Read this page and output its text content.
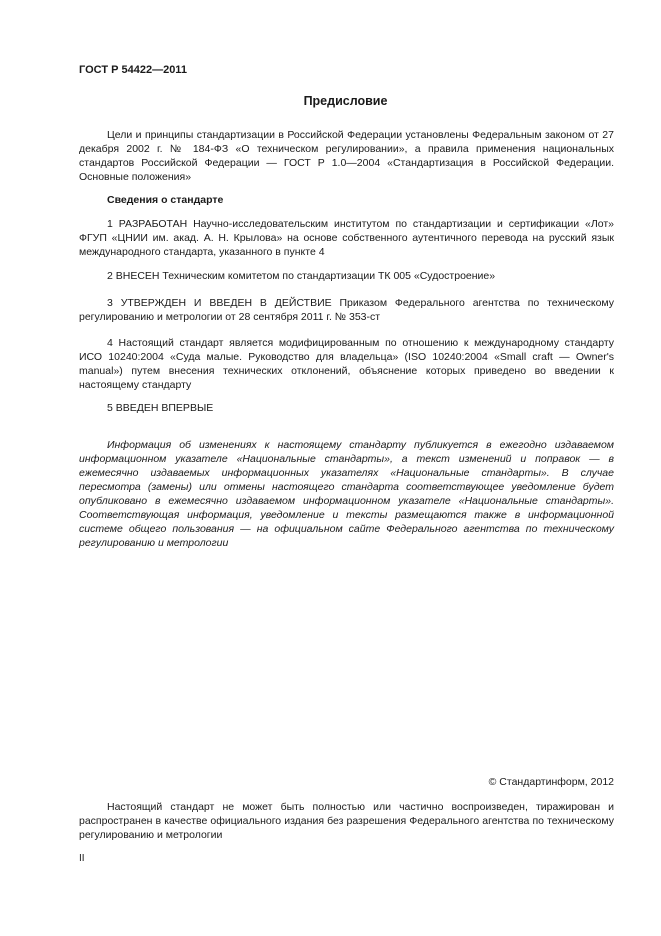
ГОСТ Р 54422—2011

Предисловие

Цели и принципы стандартизации в Российской Федерации установлены Федеральным законом от 27 декабря 2002 г. № 184-ФЗ «О техническом регулировании», а правила применения национальных стандартов Российской Федерации — ГОСТ Р 1.0—2004 «Стандартизация в Российской Федерации. Основные положения»

Сведения о стандарте

1 РАЗРАБОТАН Научно-исследовательским институтом по стандартизации и сертификации «Лот» ФГУП «ЦНИИ им. акад. А. Н. Крылова» на основе собственного аутентичного перевода на русский язык международного стандарта, указанного в пункте 4

2 ВНЕСЕН Техническим комитетом по стандартизации ТК 005 «Судостроение»

3 УТВЕРЖДЕН И ВВЕДЕН В ДЕЙСТВИЕ Приказом Федерального агентства по техническому регулированию и метрологии от 28 сентября 2011 г. № 353-ст

4 Настоящий стандарт является модифицированным по отношению к международному стандарту ИСО 10240:2004 «Суда малые. Руководство для владельца» (ISO 10240:2004 «Small craft — Owner's manual») путем внесения технических отклонений, объяснение которых приведено во введении к настоящему стандарту

5 ВВЕДЕН ВПЕРВЫЕ

Информация об изменениях к настоящему стандарту публикуется в ежегодно издаваемом информационном указателе «Национальные стандарты», а текст изменений и поправок — в ежемесячно издаваемых информационных указателях «Национальные стандарты». В случае пересмотра (замены) или отмены настоящего стандарта соответствующее уведомление будет опубликовано в ежемесячно издаваемом информационном указателе «Национальные стандарты». Соответствующая информация, уведомление и тексты размещаются также в информационной системе общего пользования — на официальном сайте Федерального агентства по техническому регулированию и метрологии

© Стандартинформ, 2012

Настоящий стандарт не может быть полностью или частично воспроизведен, тиражирован и распространен в качестве официального издания без разрешения Федерального агентства по техническому регулированию и метрологии

II
